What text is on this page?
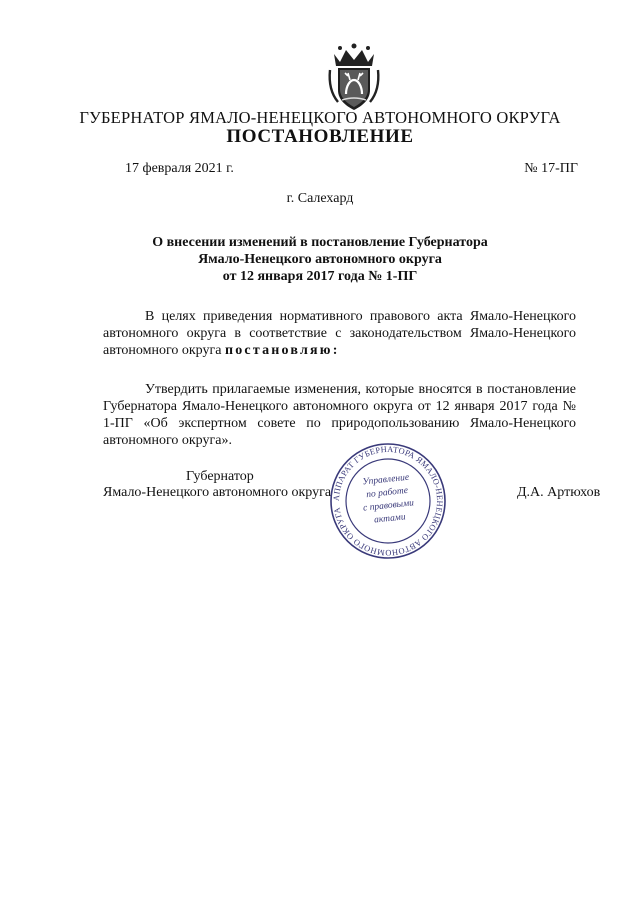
ГУБЕРНАТОР ЯМАЛО-НЕНЕЦКОГО АВТОНОМНОГО ОКРУГА
ПОСТАНОВЛЕНИЕ
17 февраля 2021 г.	№ 17-ПГ
г. Салехард
О внесении изменений в постановление Губернатора
Ямало-Ненецкого автономного округа
от 12 января 2017 года № 1-ПГ
В целях приведения нормативного правового акта Ямало-Ненецкого автономного округа в соответствие с законодательством Ямало-Ненецкого автономного округа постановляю:
Утвердить прилагаемые изменения, которые вносятся в постановление Губернатора Ямало-Ненецкого автономного округа от 12 января 2017 года № 1-ПГ «Об экспертном совете по природопользованию Ямало-Ненецкого автономного округа».
Губернатор
Ямало-Ненецкого автономного округа	Д.А. Артюхов
АППАРАТ ГУБЕРНАТОРА ЯМАЛО-НЕНЕЦКОГО АВТОНОМНОГО ОКРУГА
Управление
по работе
с правовыми
актами
